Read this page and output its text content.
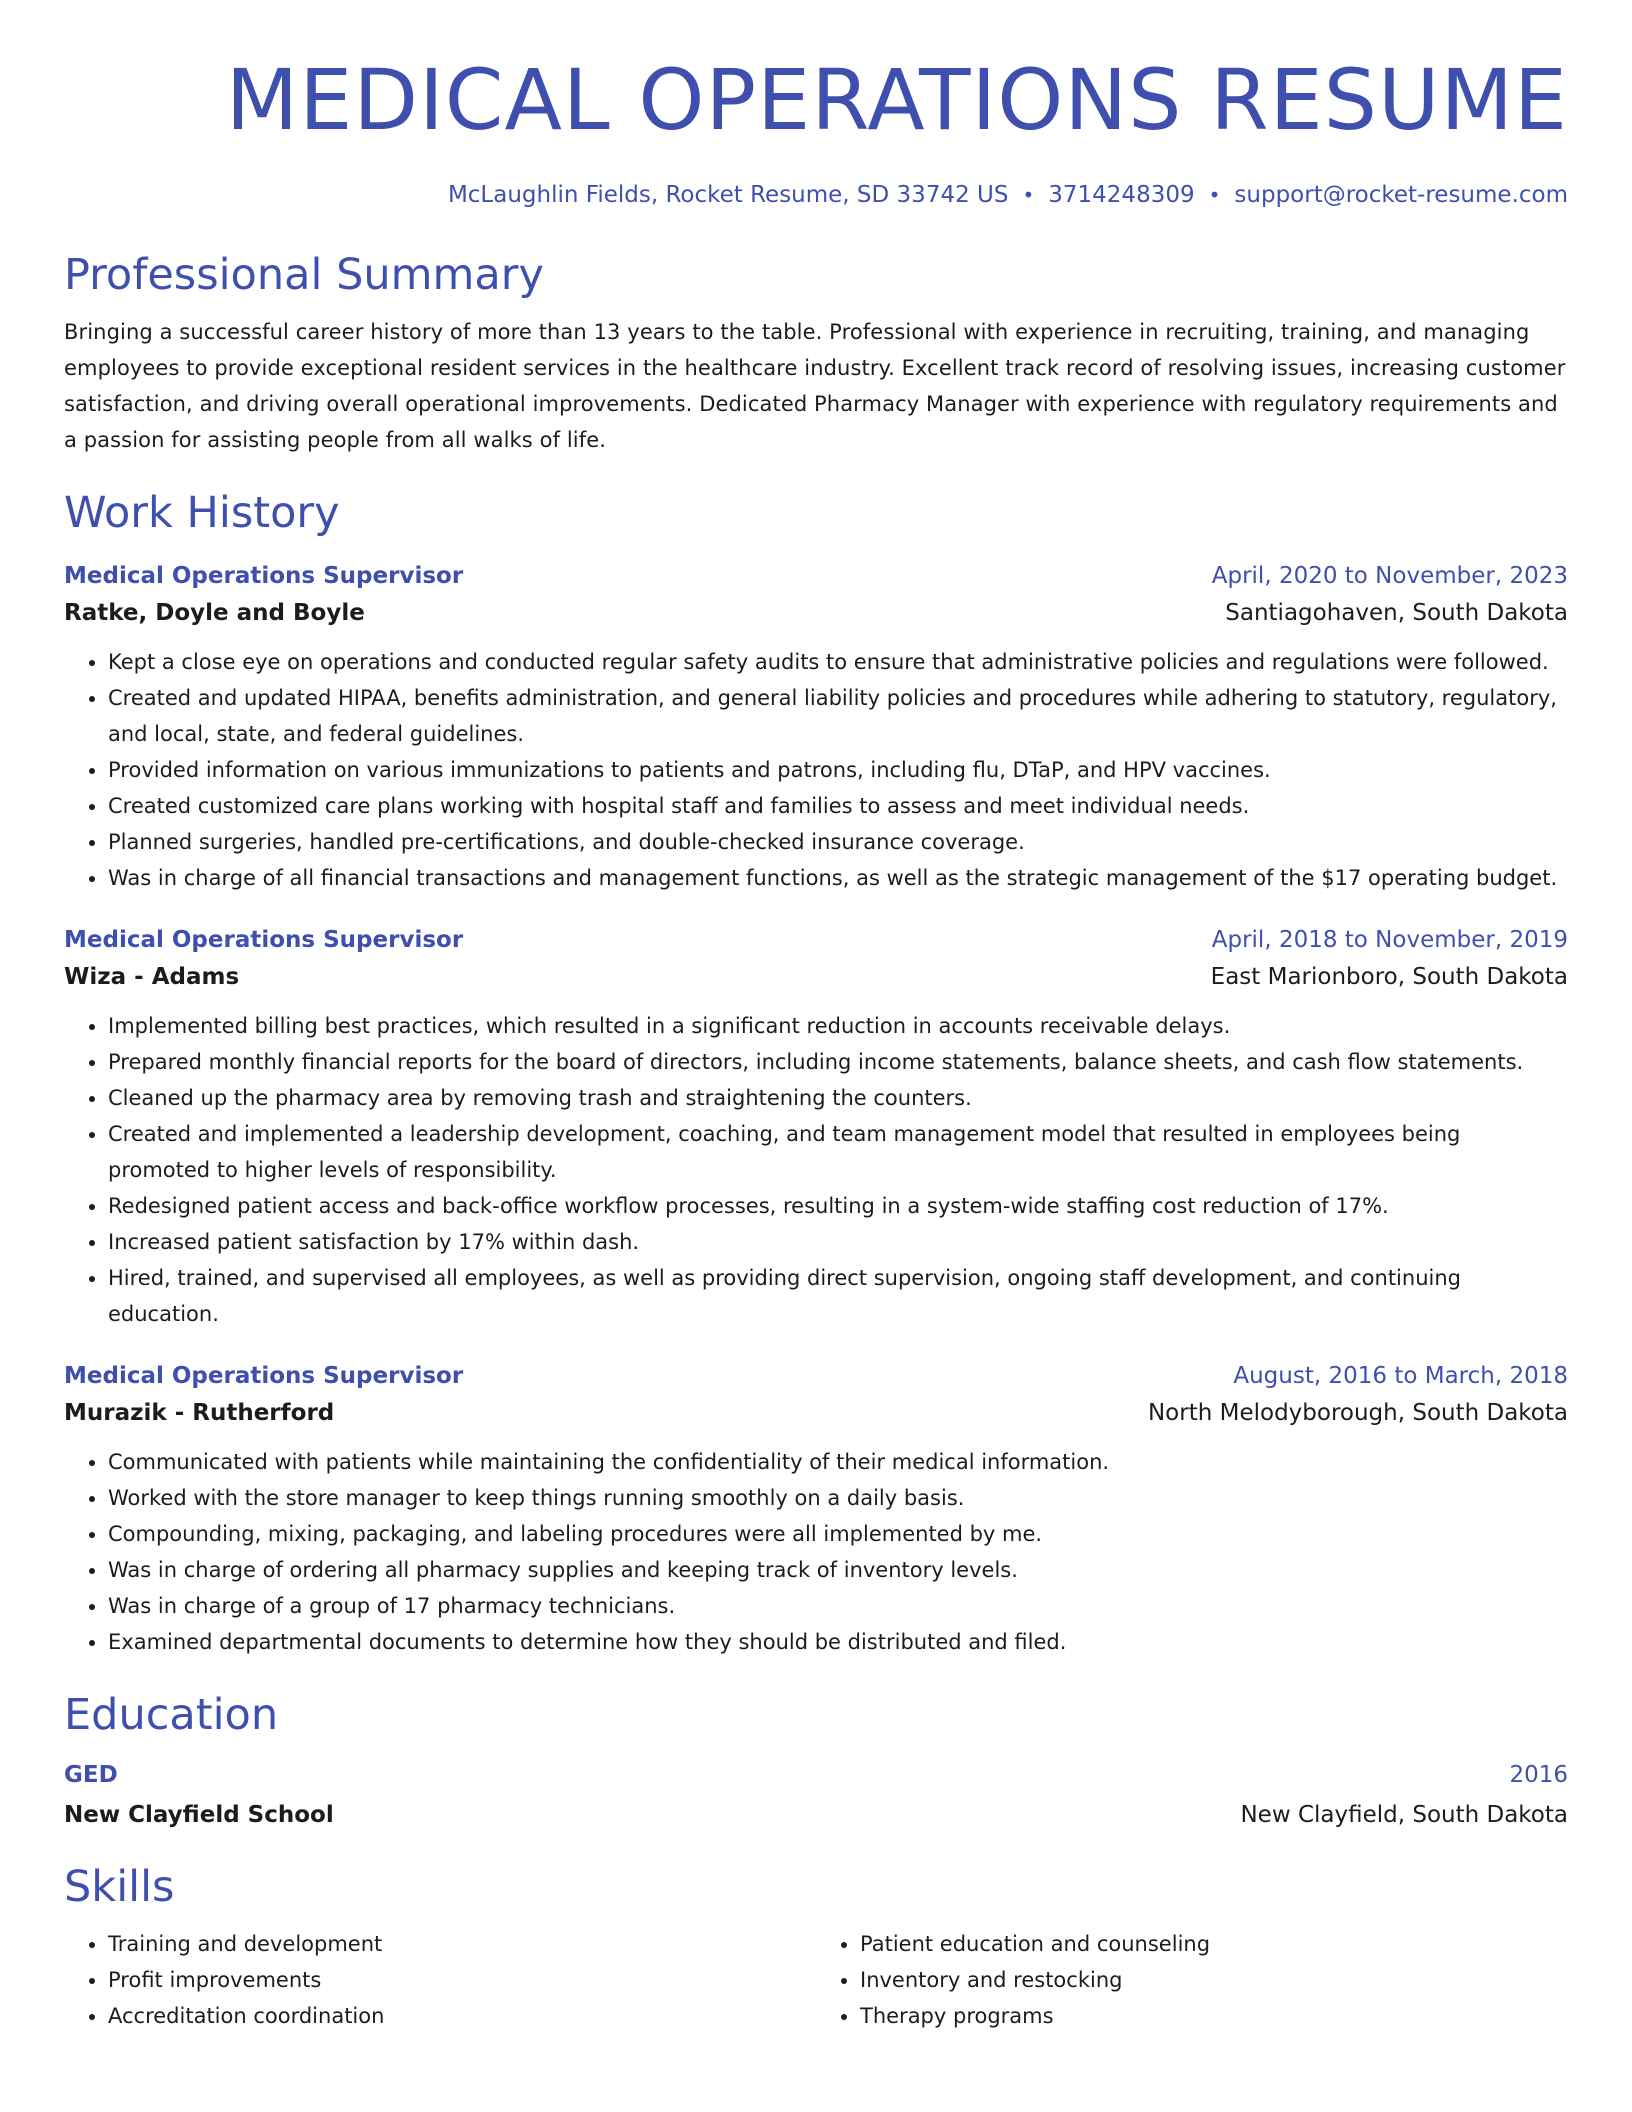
MEDICAL OPERATIONS RESUME
McLaughlin Fields, Rocket Resume, SD 33742 US • 3714248309 • support@rocket-resume.com
Professional Summary

Bringing a successful career history of more than 13 years to the table. Professional with experience in recruiting, training, and managing employees to provide exceptional resident services in the healthcare industry. Excellent track record of resolving issues, increasing customer satisfaction, and driving overall operational improvements. Dedicated Pharmacy Manager with experience with regulatory requirements and a passion for assisting people from all walks of life.

Work History
Medical Operations Supervisor	April, 2020 to November, 2023
Ratke, Doyle and Boyle	Santiagohaven, South Dakota
• Kept a close eye on operations and conducted regular safety audits to ensure that administrative policies and regulations were followed.
• Created and updated HIPAA, benefits administration, and general liability policies and procedures while adhering to statutory, regulatory, and local, state, and federal guidelines.
• Provided information on various immunizations to patients and patrons, including flu, DTaP, and HPV vaccines.
• Created customized care plans working with hospital staff and families to assess and meet individual needs.
• Planned surgeries, handled pre-certifications, and double-checked insurance coverage.
• Was in charge of all financial transactions and management functions, as well as the strategic management of the $17 operating budget.
Medical Operations Supervisor	April, 2018 to November, 2019
Wiza - Adams	East Marionboro, South Dakota
• Implemented billing best practices, which resulted in a significant reduction in accounts receivable delays.
• Prepared monthly financial reports for the board of directors, including income statements, balance sheets, and cash flow statements.
• Cleaned up the pharmacy area by removing trash and straightening the counters.
• Created and implemented a leadership development, coaching, and team management model that resulted in employees being promoted to higher levels of responsibility.
• Redesigned patient access and back-office workflow processes, resulting in a system-wide staffing cost reduction of 17%.
• Increased patient satisfaction by 17% within dash.
• Hired, trained, and supervised all employees, as well as providing direct supervision, ongoing staff development, and continuing education.
Medical Operations Supervisor	August, 2016 to March, 2018
Murazik - Rutherford	North Melodyborough, South Dakota
• Communicated with patients while maintaining the confidentiality of their medical information.
• Worked with the store manager to keep things running smoothly on a daily basis.
• Compounding, mixing, packaging, and labeling procedures were all implemented by me.
• Was in charge of ordering all pharmacy supplies and keeping track of inventory levels.
• Was in charge of a group of 17 pharmacy technicians.
• Examined departmental documents to determine how they should be distributed and filed.
Education
GED	2016
New Clayfield School	New Clayfield, South Dakota
Skills
• Training and development
• Profit improvements
• Accreditation coordination
• Patient education and counseling
• Inventory and restocking
• Therapy programs
